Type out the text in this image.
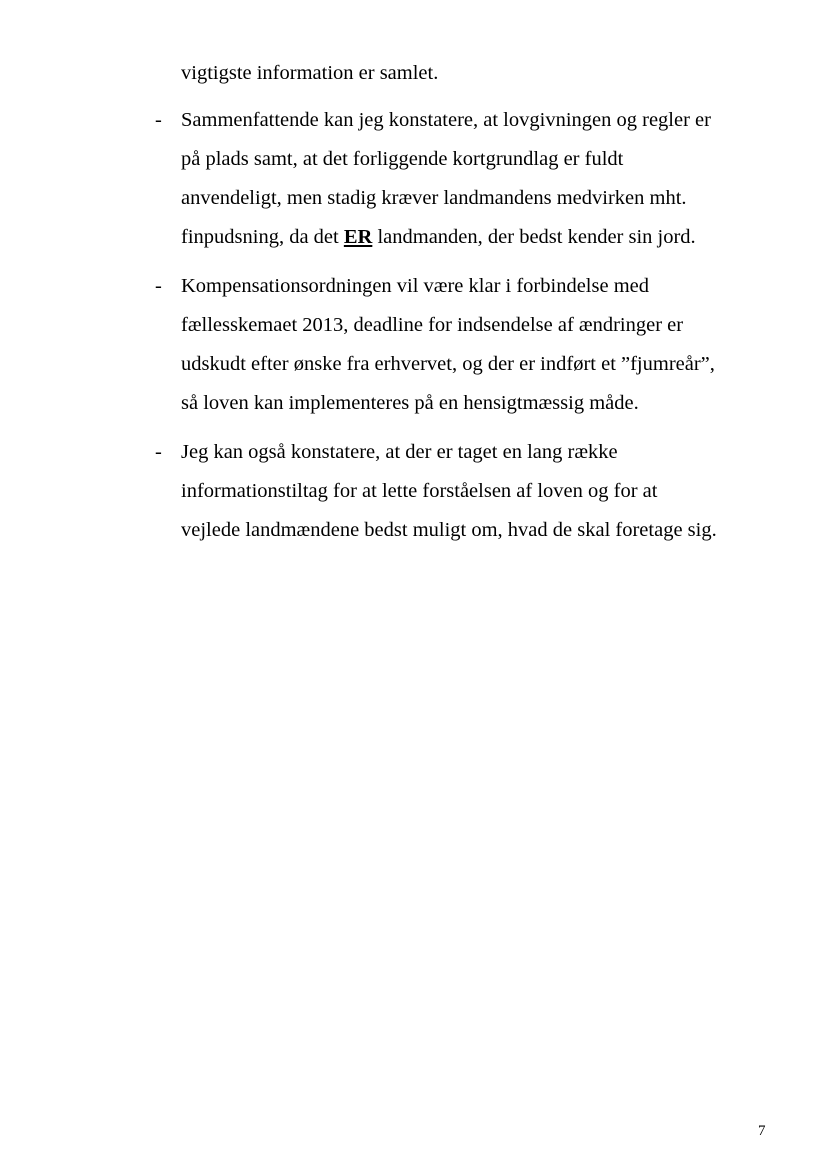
vigtigste information er samlet.
- Sammenfattende kan jeg konstatere, at lovgivningen og regler er
på plads samt, at det forliggende kortgrundlag er fuldt
anvendeligt, men stadig kræver landmandens medvirken mht.
finpudsning, da det ER landmanden, der bedst kender sin jord.
- Kompensationsordningen vil være klar i forbindelse med
fællesskemaet 2013, deadline for indsendelse af ændringer er
udskudt efter ønske fra erhvervet, og der er indført et ”fjumreår”,
så loven kan implementeres på en hensigtmæssig måde.
- Jeg kan også konstatere, at der er taget en lang række
informationstiltag for at lette forståelsen af loven og for at
vejlede landmændene bedst muligt om, hvad de skal foretage sig.
7
